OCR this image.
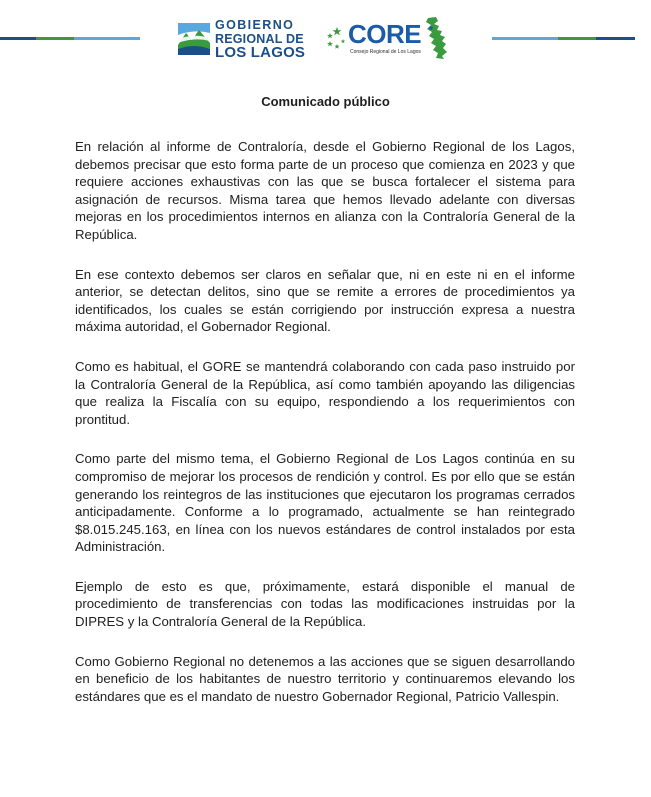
GOBIERNO
REGIONAL DE
LOS LAGOS
CORE
Consejo Regional de Los Lagos
Comunicado público

En relación al informe de Contraloría, desde el Gobierno Regional de los Lagos, debemos precisar que esto forma parte de un proceso que comienza en 2023 y que requiere acciones exhaustivas con las que se busca fortalecer el sistema para asignación de recursos. Misma tarea que hemos llevado adelante con diversas mejoras en los procedimientos internos en alianza con la Contraloría General de la República.

En ese contexto debemos ser claros en señalar que, ni en este ni en el informe anterior, se detectan delitos, sino que se remite a errores de procedimientos ya identificados, los cuales se están corrigiendo por instrucción expresa a nuestra máxima autoridad, el Gobernador Regional.

Como es habitual, el GORE se mantendrá colaborando con cada paso instruido por la Contraloría General de la República, así como también apoyando las diligencias que realiza la Fiscalía con su equipo, respondiendo a los requerimientos con prontitud.

Como parte del mismo tema, el Gobierno Regional de Los Lagos continúa en su compromiso de mejorar los procesos de rendición y control. Es por ello que se están generando los reintegros de las instituciones que ejecutaron los programas cerrados anticipadamente. Conforme a lo programado, actualmente se han reintegrado $8.015.245.163, en línea con los nuevos estándares de control instalados por esta Administración.

Ejemplo de esto es que, próximamente, estará disponible el manual de procedimiento de transferencias con todas las modificaciones instruidas por la DIPRES y la Contraloría General de la República.

Como Gobierno Regional no detenemos a las acciones que se siguen desarrollando en beneficio de los habitantes de nuestro territorio y continuaremos elevando los estándares que es el mandato de nuestro Gobernador Regional, Patricio Vallespin.
